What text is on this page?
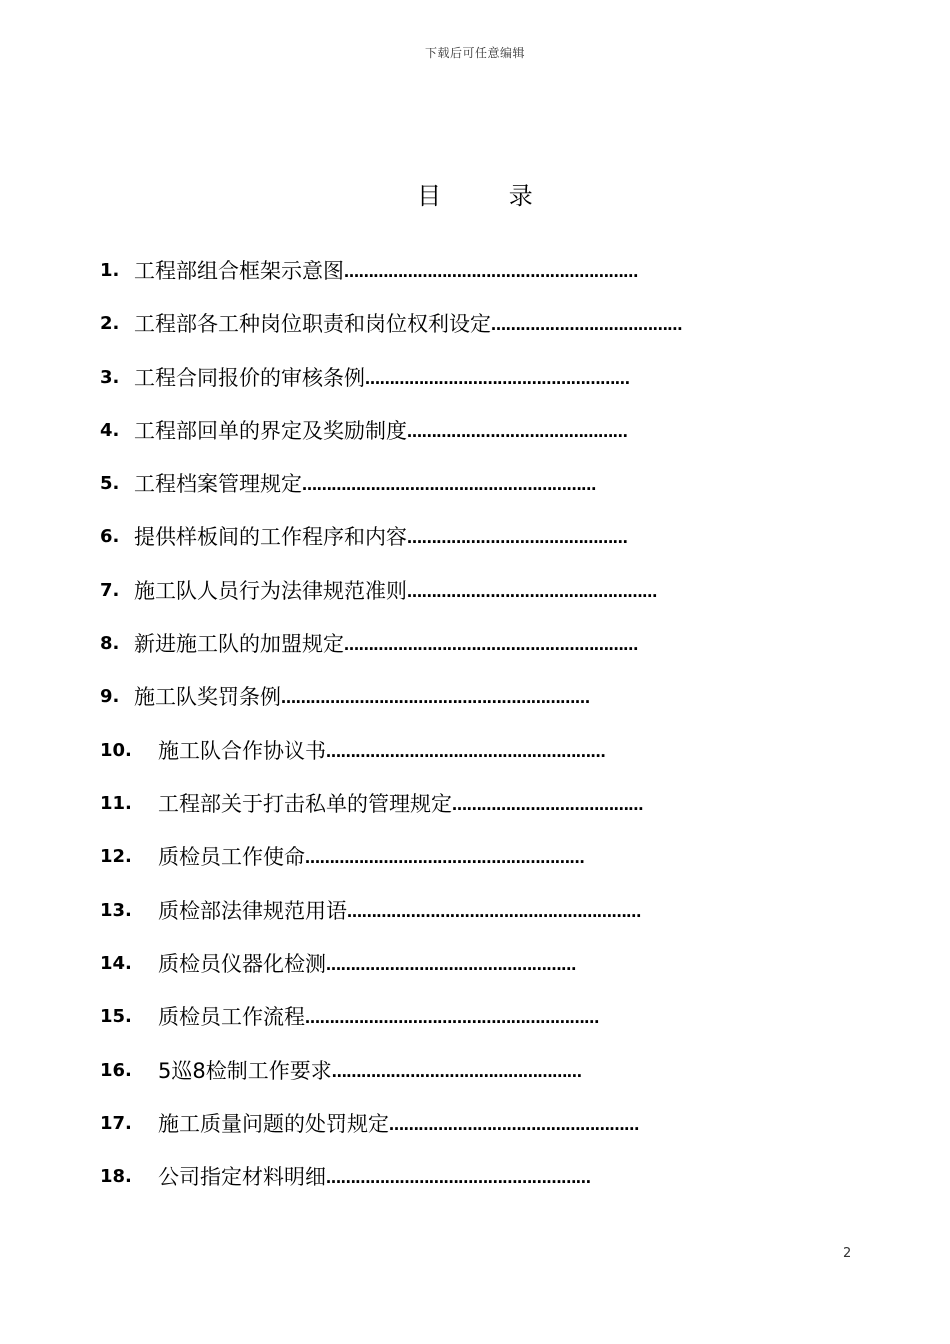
下载后可任意编辑
目 录
1. 工程部组合框架示意图……………………………………………………
2. 工程部各工种岗位职责和岗位权利设定…………………………………
3. 工程合同报价的审核条例………………………………………………
4. 工程部回单的界定及奖励制度………………………………………
5. 工程档案管理规定……………………………………………………
6. 提供样板间的工作程序和内容………………………………………
7. 施工队人员行为法律规范准则……………………………………………
8. 新进施工队的加盟规定……………………………………………………
9. 施工队奖罚条例………………………………………………………
10. 施工队合作协议书…………………………………………………
11. 工程部关于打击私单的管理规定…………………………………
12. 质检员工作使命…………………………………………………
13. 质检部法律规范用语……………………………………………………
14. 质检员仪器化检测……………………………………………
15. 质检员工作流程……………………………………………………
16. 5巡8检制工作要求……………………………………………
17. 施工质量问题的处罚规定……………………………………………
18. 公司指定材料明细………………………………………………
2
